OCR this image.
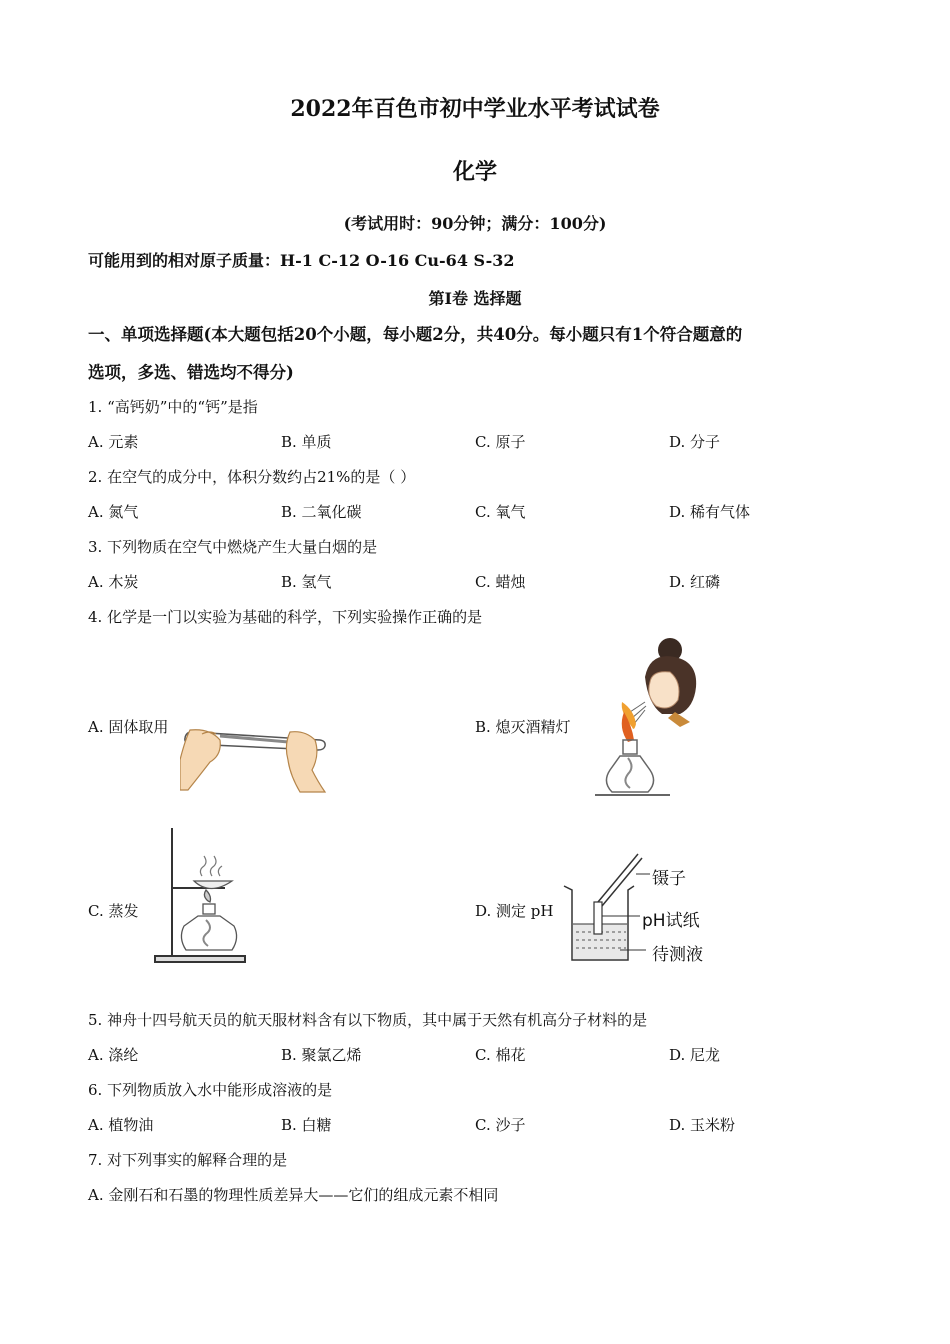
2022年百色市初中学业水平考试试卷
化学
(考试用时：90分钟；满分：100分)
可能用到的相对原子质量：H-1 C-12 O-16 Cu-64 S-32
第Ⅰ卷 选择题
一、单项选择题(本大题包括20个小题，每小题2分，共40分。每小题只有1个符合题意的
选项，多选、错选均不得分)
1. “高钙奶”中的“钙”是指
A. 元素	B. 单质	C. 原子	D. 分子
2. 在空气的成分中，体积分数约占21%的是（ ）
A. 氮气	B. 二氧化碳	C. 氧气	D. 稀有气体
3. 下列物质在空气中燃烧产生大量白烟的是
A. 木炭	B. 氢气	C. 蜡烛	D. 红磷
4. 化学是一门以实验为基础的科学，下列实验操作正确的是
A. 固体取用	B. 熄灭酒精灯
C. 蒸发	D. 测定 pH
镊子
pH试纸
待测液
5. 神舟十四号航天员的航天服材料含有以下物质，其中属于天然有机高分子材料的是
A. 涤纶	B. 聚氯乙烯	C. 棉花	D. 尼龙
6. 下列物质放入水中能形成溶液的是
A. 植物油	B. 白糖	C. 沙子	D. 玉米粉
7. 对下列事实的解释合理的是
A. 金刚石和石墨的物理性质差异大——它们的组成元素不相同
